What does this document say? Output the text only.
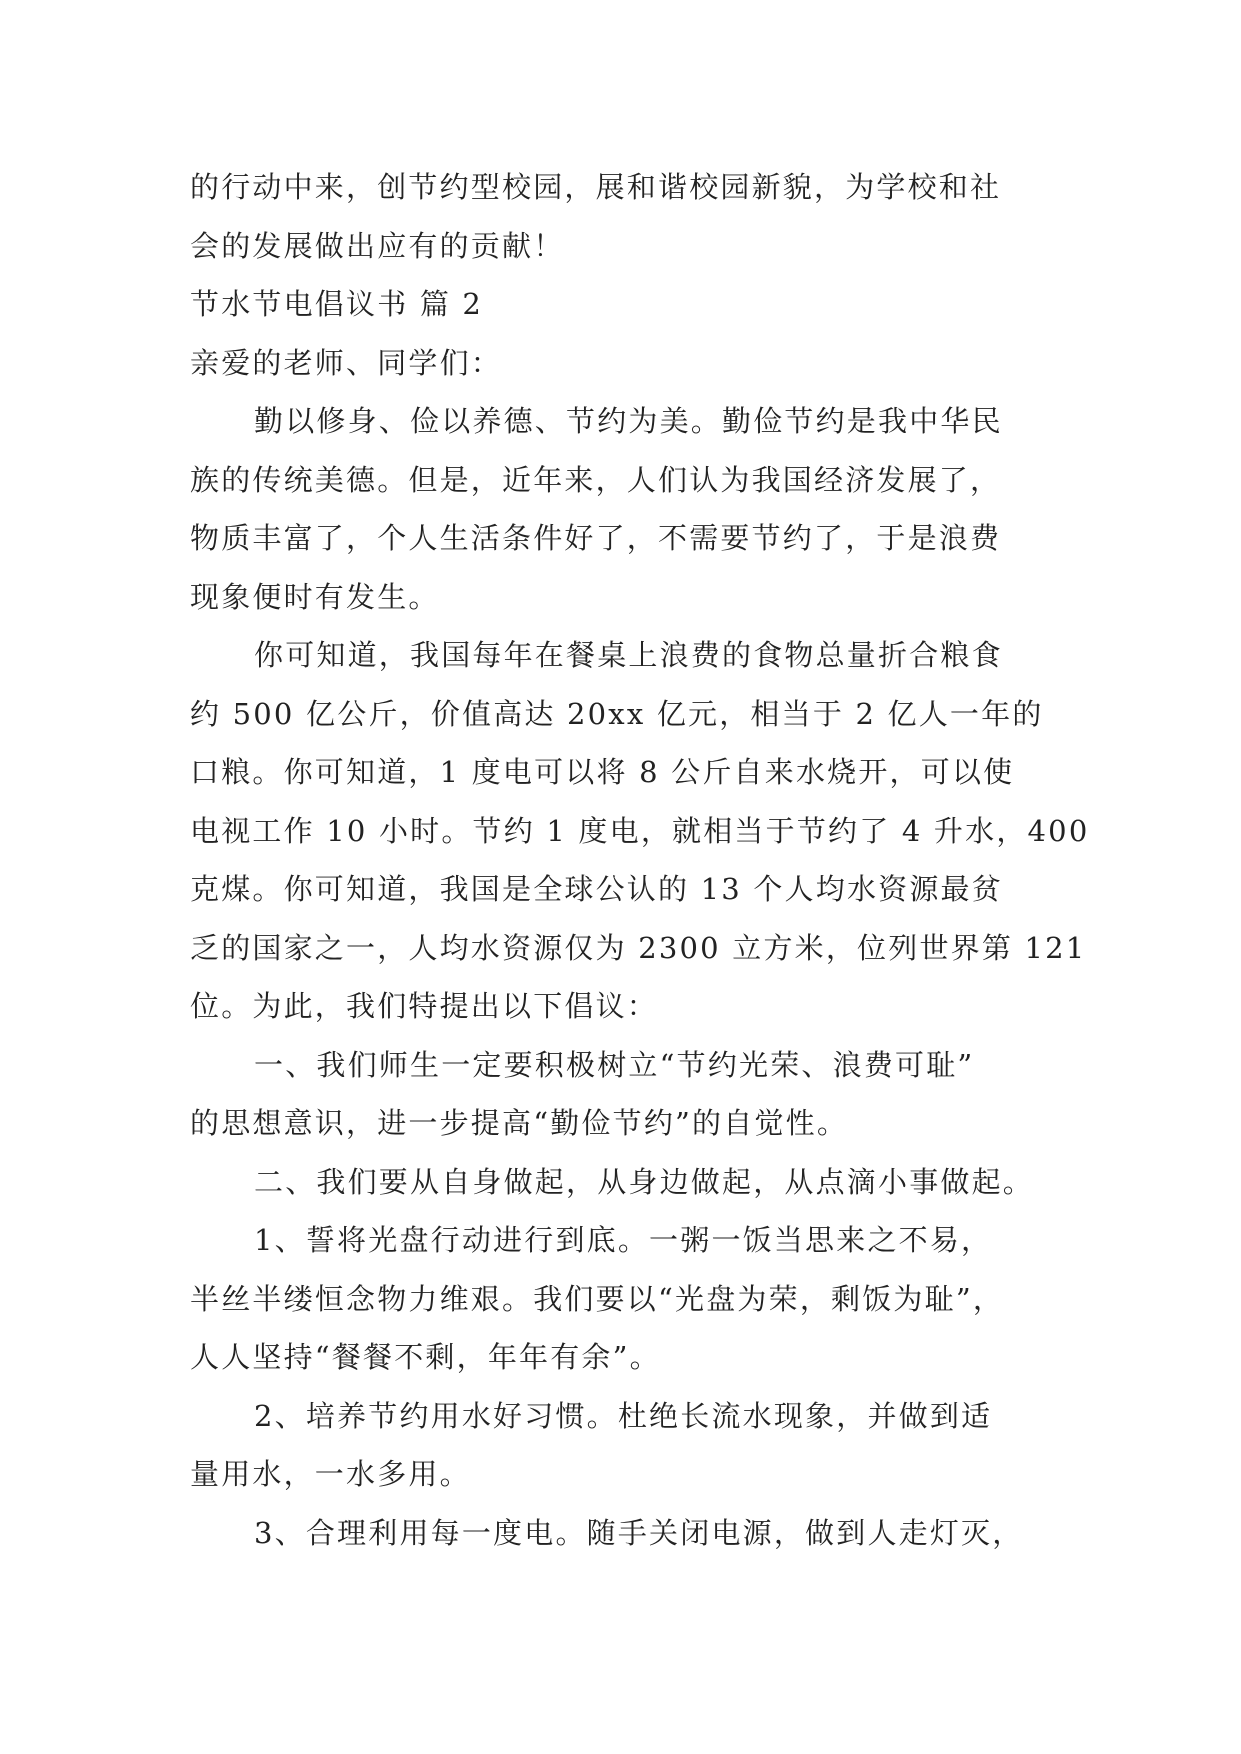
的行动中来，创节约型校园，展和谐校园新貌，为学校和社
会的发展做出应有的贡献！
节水节电倡议书 篇 2
亲爱的老师、同学们：
勤以修身、俭以养德、节约为美。勤俭节约是我中华民
族的传统美德。但是，近年来，人们认为我国经济发展了，
物质丰富了，个人生活条件好了，不需要节约了，于是浪费
现象便时有发生。
你可知道，我国每年在餐桌上浪费的食物总量折合粮食
约 500 亿公斤，价值高达 20xx 亿元，相当于 2 亿人一年的
口粮。你可知道，1 度电可以将 8 公斤自来水烧开，可以使
电视工作 10 小时。节约 1 度电，就相当于节约了 4 升水，400
克煤。你可知道，我国是全球公认的 13 个人均水资源最贫
乏的国家之一，人均水资源仅为 2300 立方米，位列世界第 121
位。为此，我们特提出以下倡议：
一、我们师生一定要积极树立“节约光荣、浪费可耻”
的思想意识，进一步提高“勤俭节约”的自觉性。
二、我们要从自身做起，从身边做起，从点滴小事做起。
1、誓将光盘行动进行到底。一粥一饭当思来之不易，
半丝半缕恒念物力维艰。我们要以“光盘为荣，剩饭为耻”，
人人坚持“餐餐不剩，年年有余”。
2、培养节约用水好习惯。杜绝长流水现象，并做到适
量用水，一水多用。
3、合理利用每一度电。随手关闭电源，做到人走灯灭，
